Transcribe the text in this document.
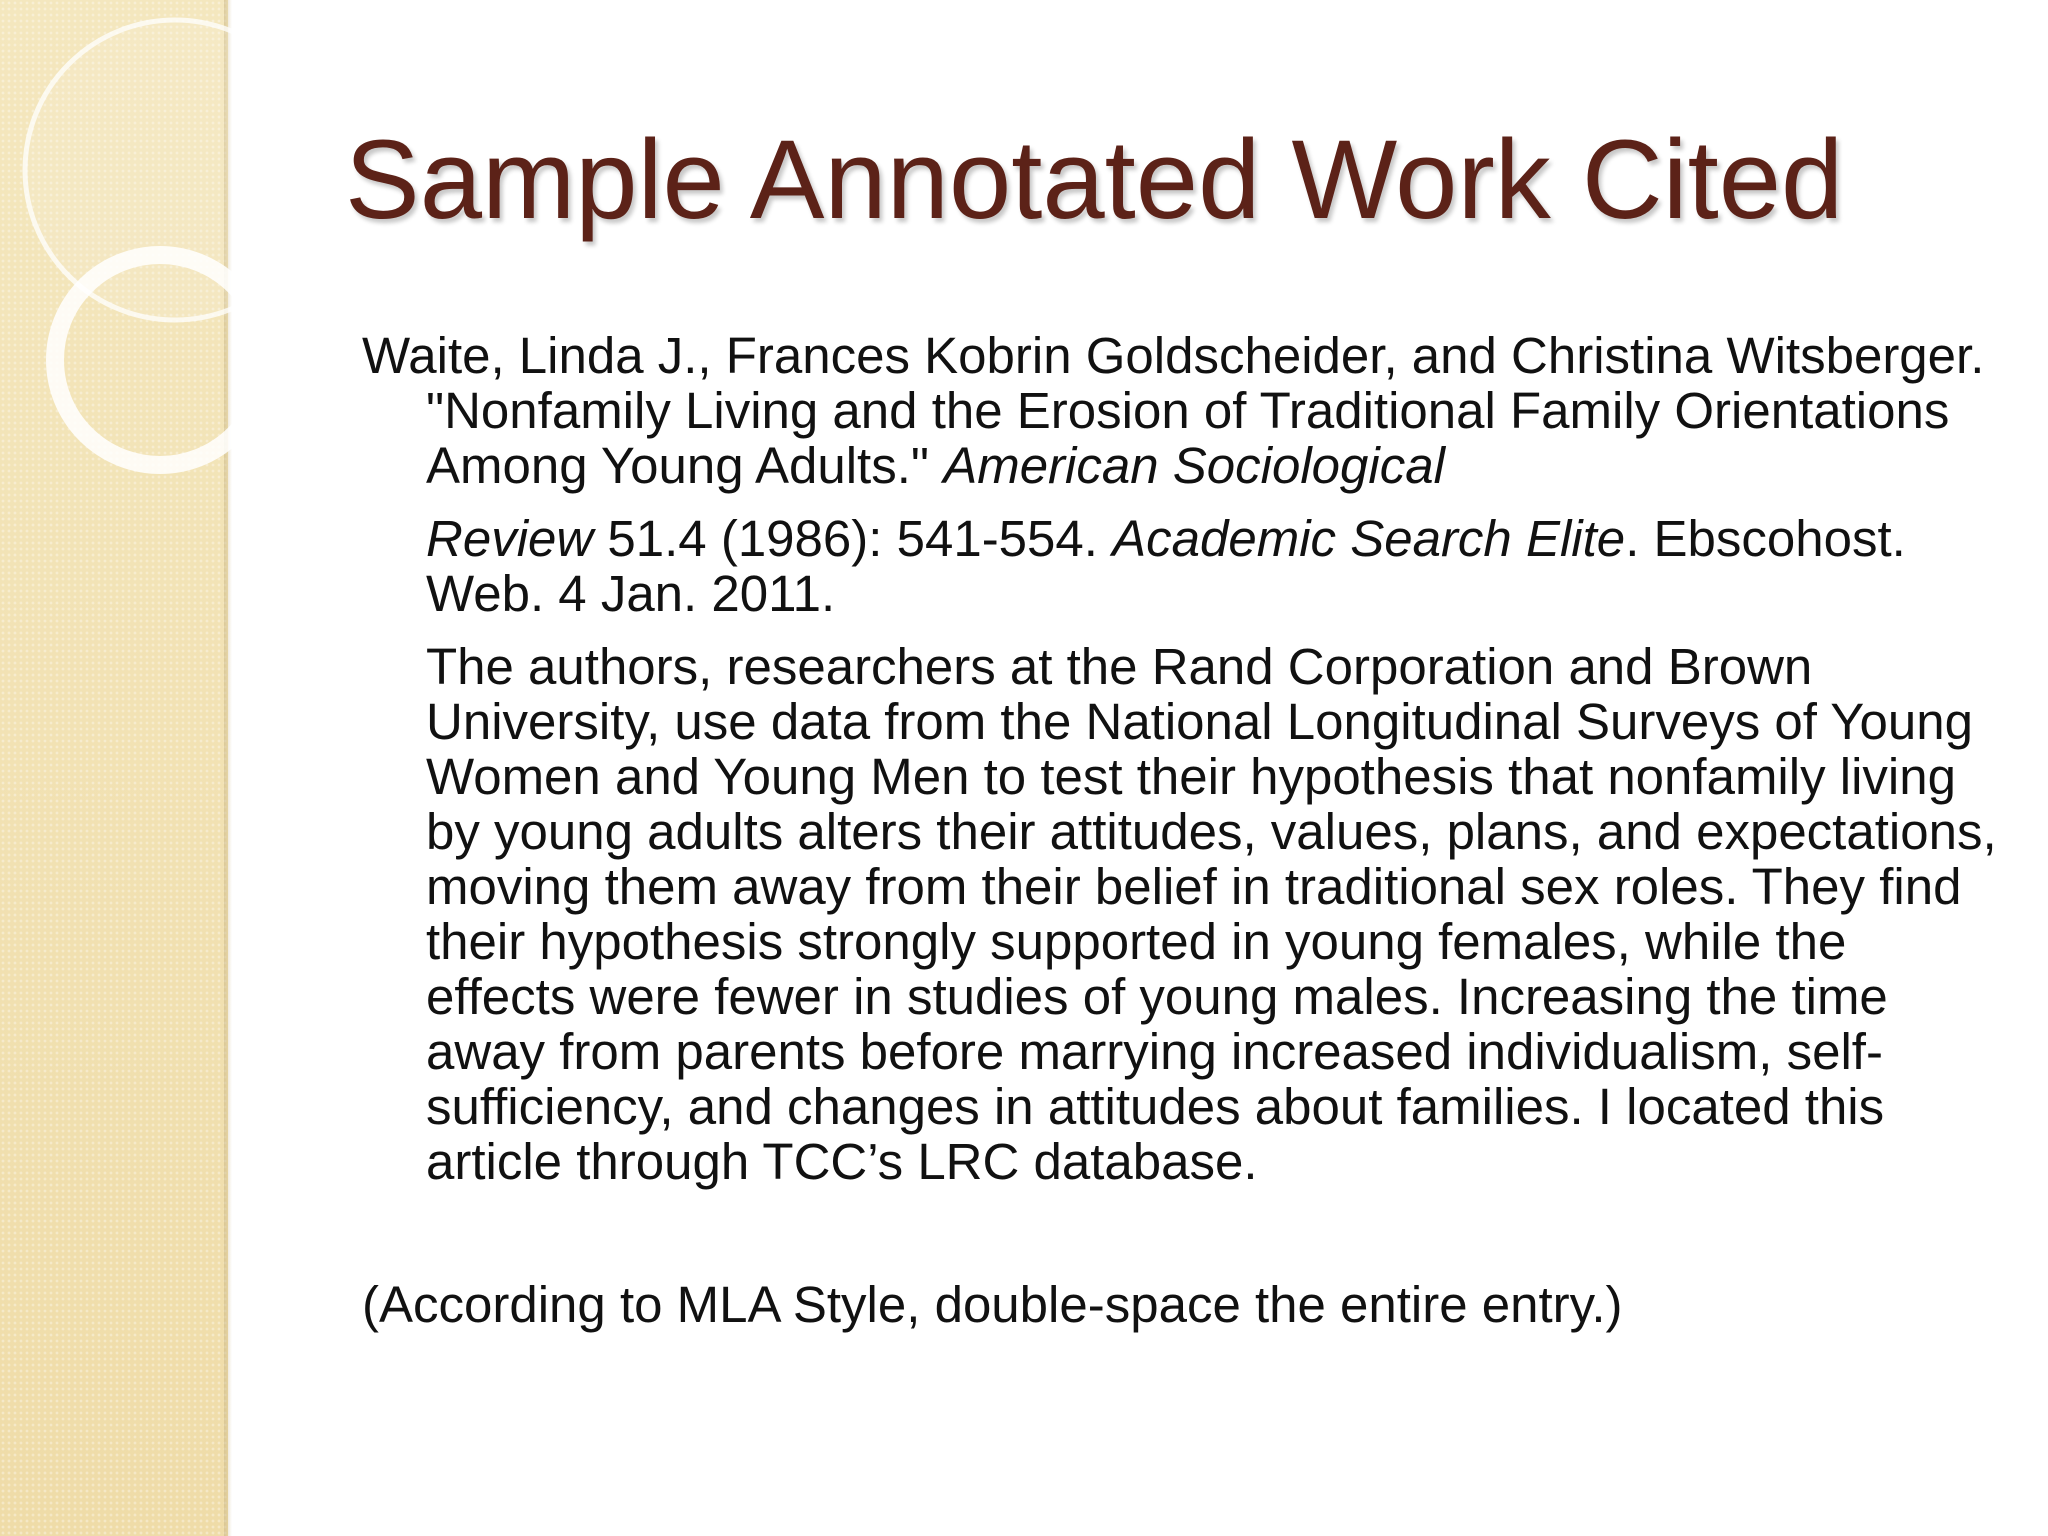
Sample Annotated Work Cited

Waite, Linda J., Frances Kobrin Goldscheider, and Christina Witsberger. "Nonfamily Living and the Erosion of Traditional Family Orientations Among Young Adults." American Sociological

Review 51.4 (1986): 541-554. Academic Search Elite. Ebscohost. Web. 4 Jan. 2011.

The authors, researchers at the Rand Corporation and Brown University, use data from the National Longitudinal Surveys of Young Women and Young Men to test their hypothesis that nonfamily living by young adults alters their attitudes, values, plans, and expectations, moving them away from their belief in traditional sex roles. They find their hypothesis strongly supported in young females, while the effects were fewer in studies of young males. Increasing the time away from parents before marrying increased individualism, self-sufficiency, and changes in attitudes about families. I located this article through TCC’s LRC database.

(According to MLA Style, double-space the entire entry.)
